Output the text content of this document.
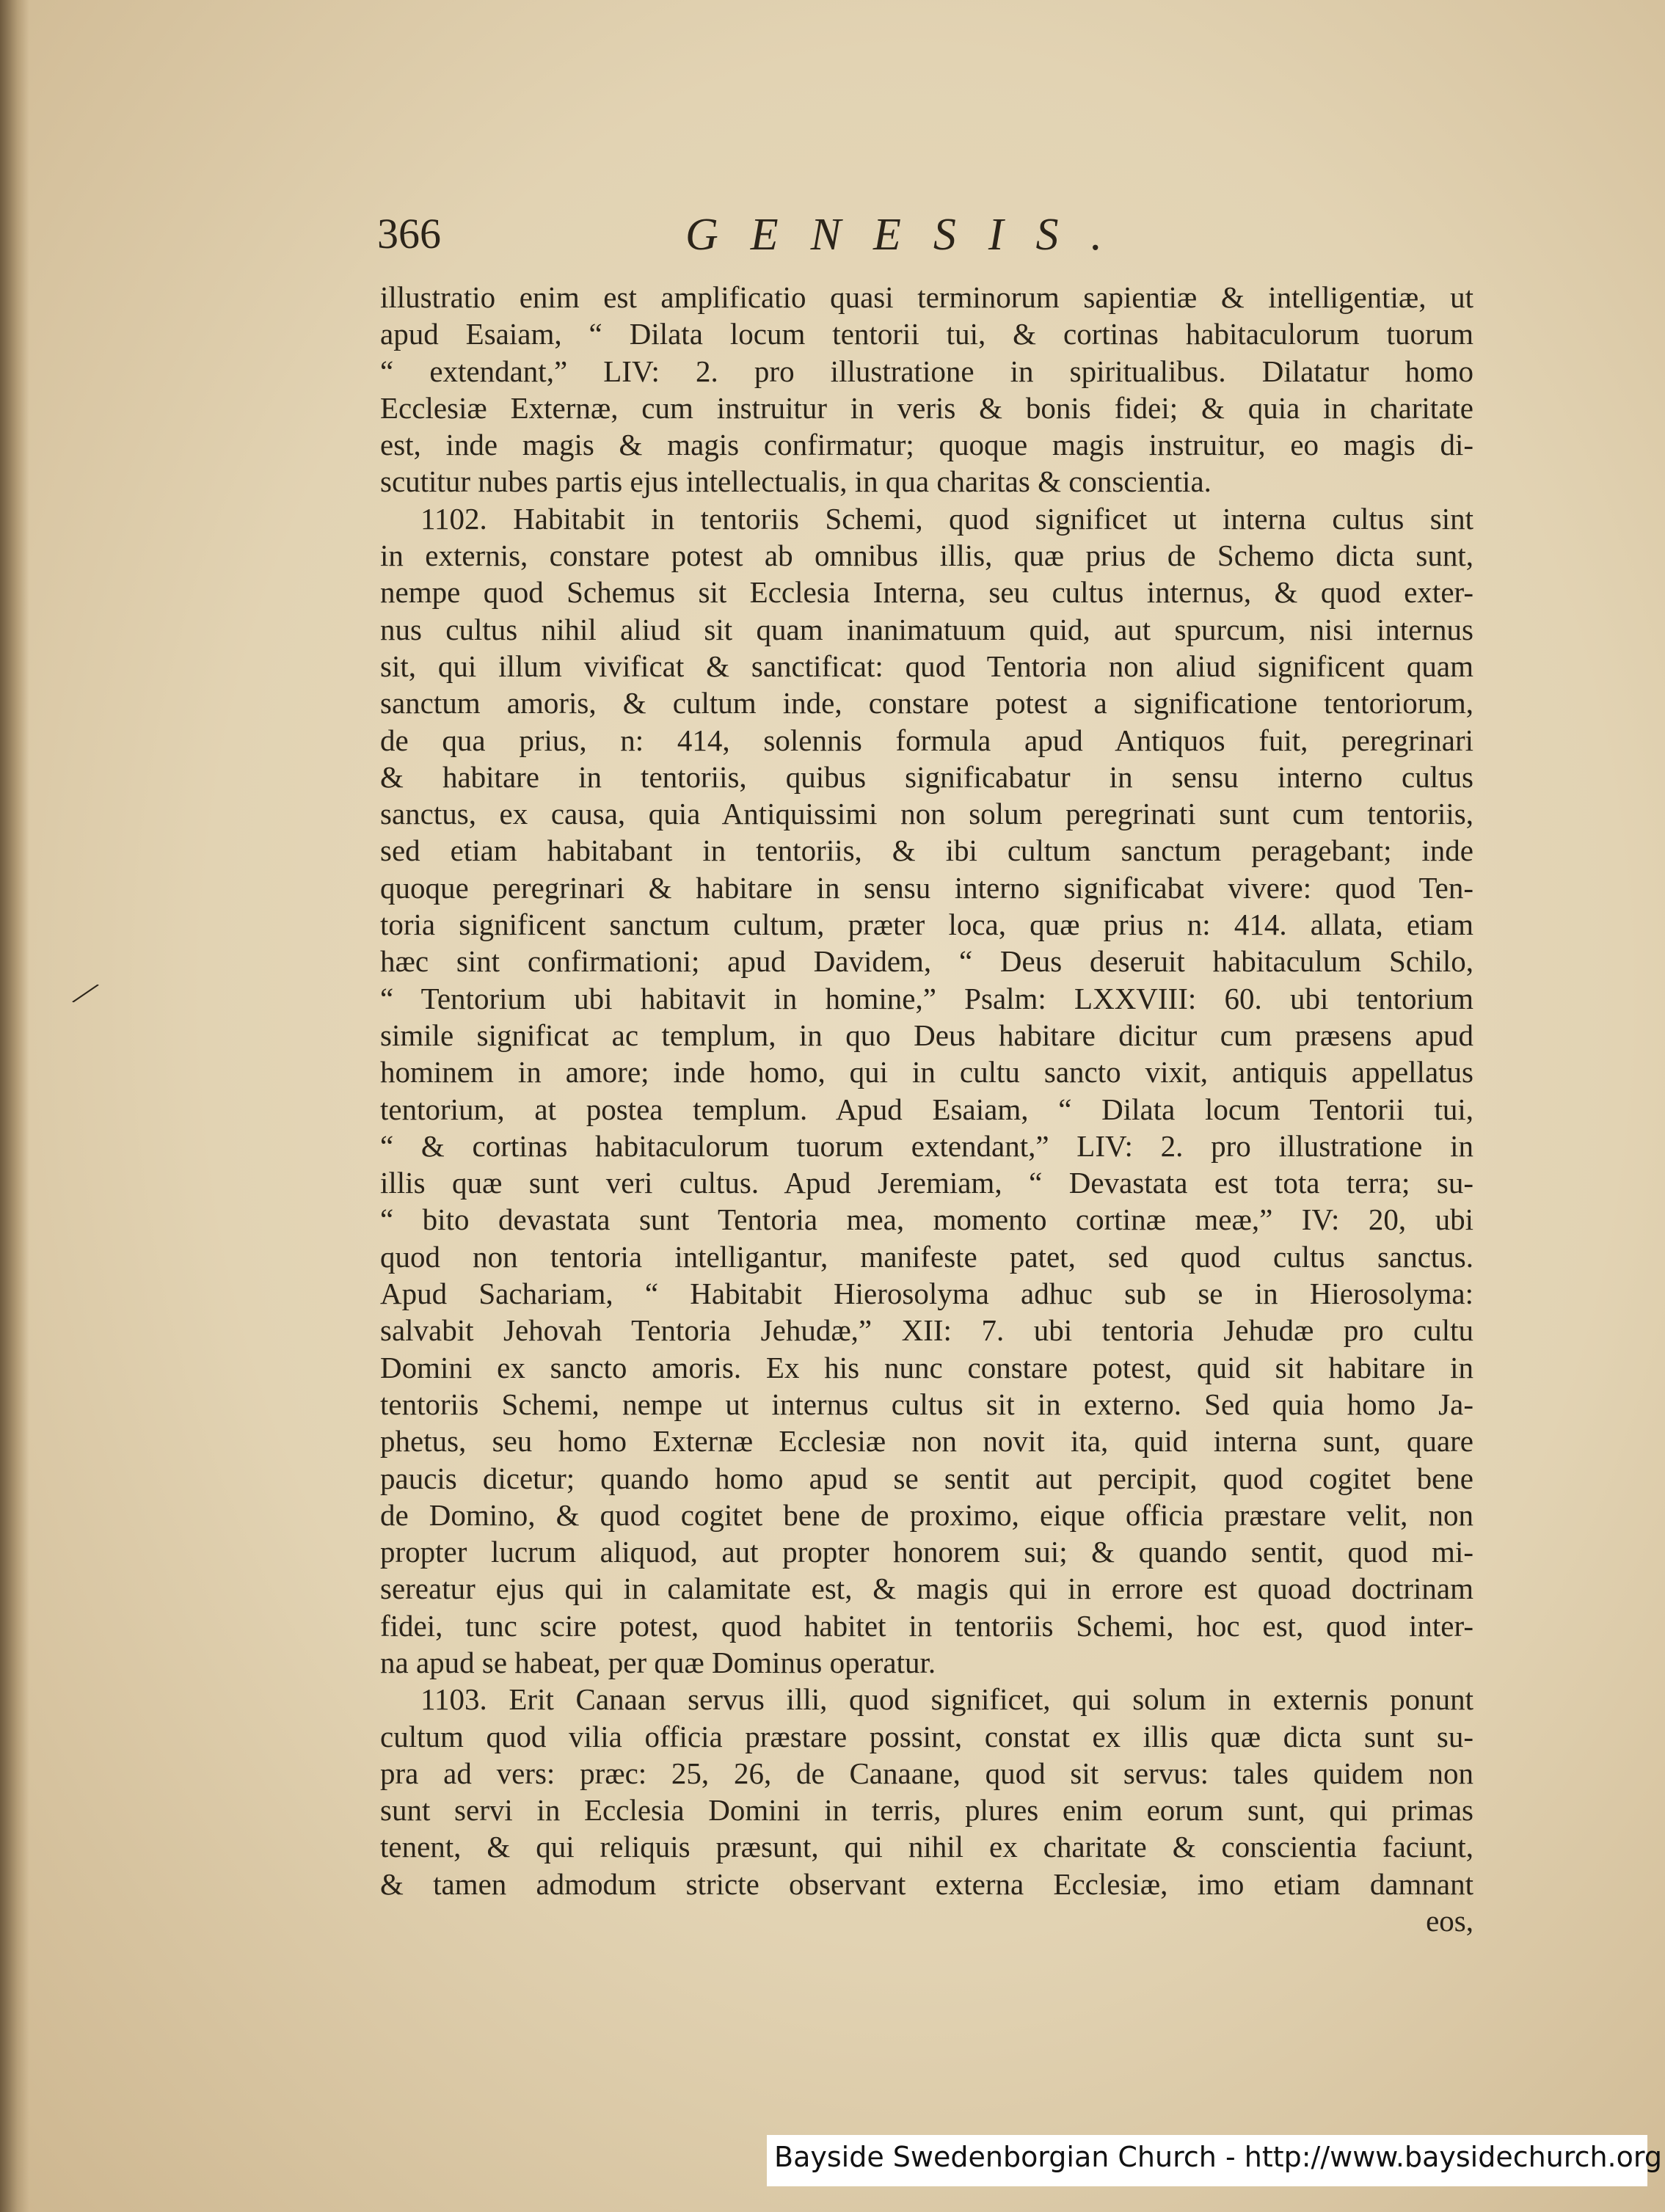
366	GENESIS.
⁄
illustratio enim est amplificatio quasi terminorum sapientiæ & intelligentiæ, ut
apud Esaiam, “ Dilata locum tentorii tui, & cortinas habitaculorum tuorum
“ extendant,” LIV: 2. pro illustratione in spiritualibus. Dilatatur homo
Ecclesiæ Externæ, cum instruitur in veris & bonis fidei; & quia in charitate
est, inde magis & magis confirmatur; quoque magis instruitur, eo magis di-
scutitur nubes partis ejus intellectualis, in qua charitas & conscientia.
1102. Habitabit in tentoriis Schemi, quod significet ut interna cultus sint
in externis, constare potest ab omnibus illis, quæ prius de Schemo dicta sunt,
nempe quod Schemus sit Ecclesia Interna, seu cultus internus, & quod exter-
nus cultus nihil aliud sit quam inanimatuum quid, aut spurcum, nisi internus
sit, qui illum vivificat & sanctificat: quod Tentoria non aliud significent quam
sanctum amoris, & cultum inde, constare potest a significatione tentoriorum,
de qua prius, n: 414, solennis formula apud Antiquos fuit, peregrinari
& habitare in tentoriis, quibus significabatur in sensu interno cultus
sanctus, ex causa, quia Antiquissimi non solum peregrinati sunt cum tentoriis,
sed etiam habitabant in tentoriis, & ibi cultum sanctum peragebant; inde
quoque peregrinari & habitare in sensu interno significabat vivere: quod Ten-
toria significent sanctum cultum, præter loca, quæ prius n: 414. allata, etiam
hæc sint confirmationi; apud Davidem, “ Deus deseruit habitaculum Schilo,
“ Tentorium ubi habitavit in homine,” Psalm: LXXVIII: 60. ubi tentorium
simile significat ac templum, in quo Deus habitare dicitur cum præsens apud
hominem in amore; inde homo, qui in cultu sancto vixit, antiquis appellatus
tentorium, at postea templum. Apud Esaiam, “ Dilata locum Tentorii tui,
“ & cortinas habitaculorum tuorum extendant,” LIV: 2. pro illustratione in
illis quæ sunt veri cultus. Apud Jeremiam, “ Devastata est tota terra; su-
“ bito devastata sunt Tentoria mea, momento cortinæ meæ,” IV: 20, ubi
quod non tentoria intelligantur, manifeste patet, sed quod cultus sanctus.
Apud Sachariam, “ Habitabit Hierosolyma adhuc sub se in Hierosolyma:
salvabit Jehovah Tentoria Jehudæ,” XII: 7. ubi tentoria Jehudæ pro cultu
Domini ex sancto amoris. Ex his nunc constare potest, quid sit habitare in
tentoriis Schemi, nempe ut internus cultus sit in externo. Sed quia homo Ja-
phetus, seu homo Externæ Ecclesiæ non novit ita, quid interna sunt, quare
paucis dicetur; quando homo apud se sentit aut percipit, quod cogitet bene
de Domino, & quod cogitet bene de proximo, eique officia præstare velit, non
propter lucrum aliquod, aut propter honorem sui; & quando sentit, quod mi-
sereatur ejus qui in calamitate est, & magis qui in errore est quoad doctrinam
fidei, tunc scire potest, quod habitet in tentoriis Schemi, hoc est, quod inter-
na apud se habeat, per quæ Dominus operatur.
1103. Erit Canaan servus illi, quod significet, qui solum in externis ponunt
cultum quod vilia officia præstare possint, constat ex illis quæ dicta sunt su-
pra ad vers: præc: 25, 26, de Canaane, quod sit servus: tales quidem non
sunt servi in Ecclesia Domini in terris, plures enim eorum sunt, qui primas
tenent, & qui reliquis præsunt, qui nihil ex charitate & conscientia faciunt,
& tamen admodum stricte observant externa Ecclesiæ, imo etiam damnant
eos,
Bayside Swedenborgian Church - http://www.baysidechurch.org
